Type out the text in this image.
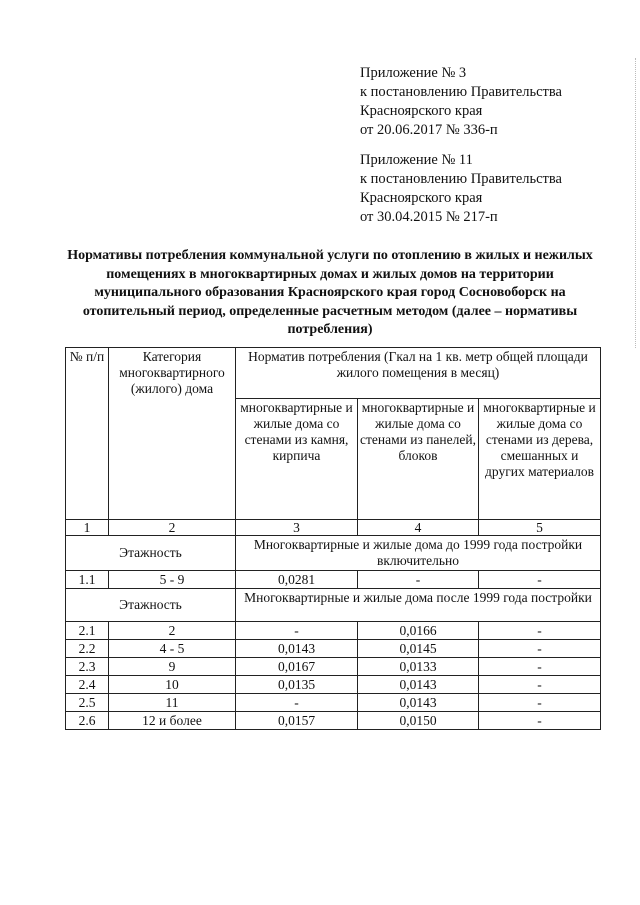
Приложение № 3
к постановлению Правительства
Красноярского края
от 20.06.2017 № 336-п
Приложение № 11
к постановлению Правительства
Красноярского края
от 30.04.2015 № 217-п
Нормативы потребления коммунальной услуги по отоплению в жилых и нежилых помещениях в многоквартирных домах и жилых домов на территории муниципального образования Красноярского края город Сосновоборск на отопительный период, определенные расчетным методом (далее – нормативы потребления)
№ п/п	Категория многоквартирного (жилого) дома	Норматив потребления (Гкал на 1 кв. метр общей площади жилого помещения в месяц)		
		многоквартирные и жилые дома со стенами из камня, кирпича	многоквартирные и жилые дома со стенами из панелей, блоков	многоквартирные и жилые дома со стенами из дерева, смешанных и других материалов
1	2	3	4	5
Этажность		Многоквартирные и жилые дома до 1999 года постройки включительно		
1.1	5 - 9	0,0281	-	-
Этажность		Многоквартирные и жилые дома после 1999 года постройки		
2.1	2	-	0,0166	-
2.2	4 - 5	0,0143	0,0145	-
2.3	9	0,0167	0,0133	-
2.4	10	0,0135	0,0143	-
2.5	11	-	0,0143	-
2.6	12 и более	0,0157	0,0150	-
